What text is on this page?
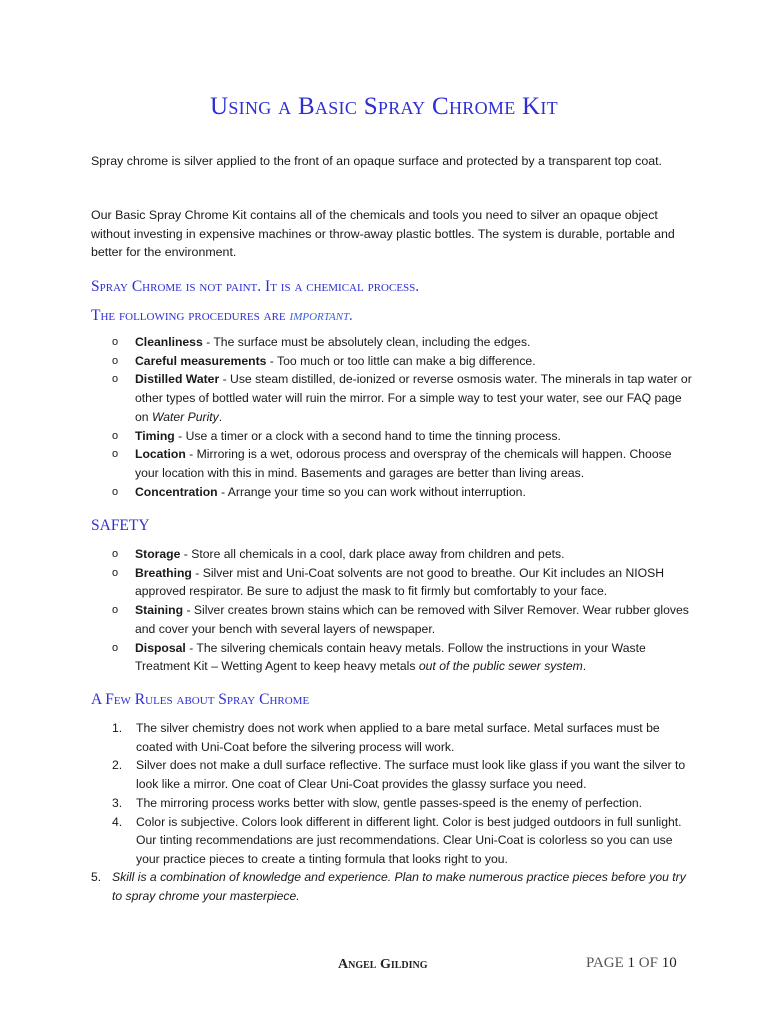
Using a Basic Spray Chrome Kit
Spray chrome is silver applied to the front of an opaque surface and protected by a transparent top coat.
Our Basic Spray Chrome Kit contains all of the chemicals and tools you need to silver an opaque object without investing in expensive machines or throw-away plastic bottles. The system is durable, portable and better for the environment.
Spray Chrome is not paint. It is a chemical process.
The following procedures are important.
o Cleanliness - The surface must be absolutely clean, including the edges.
o Careful measurements - Too much or too little can make a big difference.
o Distilled Water - Use steam distilled, de-ionized or reverse osmosis water. The minerals in tap water or other types of bottled water will ruin the mirror. For a simple way to test your water, see our FAQ page on Water Purity.
o Timing - Use a timer or a clock with a second hand to time the tinning process.
o Location - Mirroring is a wet, odorous process and overspray of the chemicals will happen. Choose your location with this in mind. Basements and garages are better than living areas.
o Concentration - Arrange your time so you can work without interruption.
SAFETY
o Storage - Store all chemicals in a cool, dark place away from children and pets.
o Breathing - Silver mist and Uni-Coat solvents are not good to breathe. Our Kit includes an NIOSH approved respirator. Be sure to adjust the mask to fit firmly but comfortably to your face.
o Staining - Silver creates brown stains which can be removed with Silver Remover. Wear rubber gloves and cover your bench with several layers of newspaper.
o Disposal - The silvering chemicals contain heavy metals. Follow the instructions in your Waste Treatment Kit – Wetting Agent to keep heavy metals out of the public sewer system.
A Few Rules about Spray Chrome
1. The silver chemistry does not work when applied to a bare metal surface. Metal surfaces must be coated with Uni-Coat before the silvering process will work.
2. Silver does not make a dull surface reflective. The surface must look like glass if you want the silver to look like a mirror. One coat of Clear Uni-Coat provides the glassy surface you need.
3. The mirroring process works better with slow, gentle passes-speed is the enemy of perfection.
4. Color is subjective. Colors look different in different light. Color is best judged outdoors in full sunlight. Our tinting recommendations are just recommendations. Clear Uni-Coat is colorless so you can use your practice pieces to create a tinting formula that looks right to you.
5. Skill is a combination of knowledge and experience. Plan to make numerous practice pieces before you try to spray chrome your masterpiece.
Angel Gilding	PAGE 1 OF 10
